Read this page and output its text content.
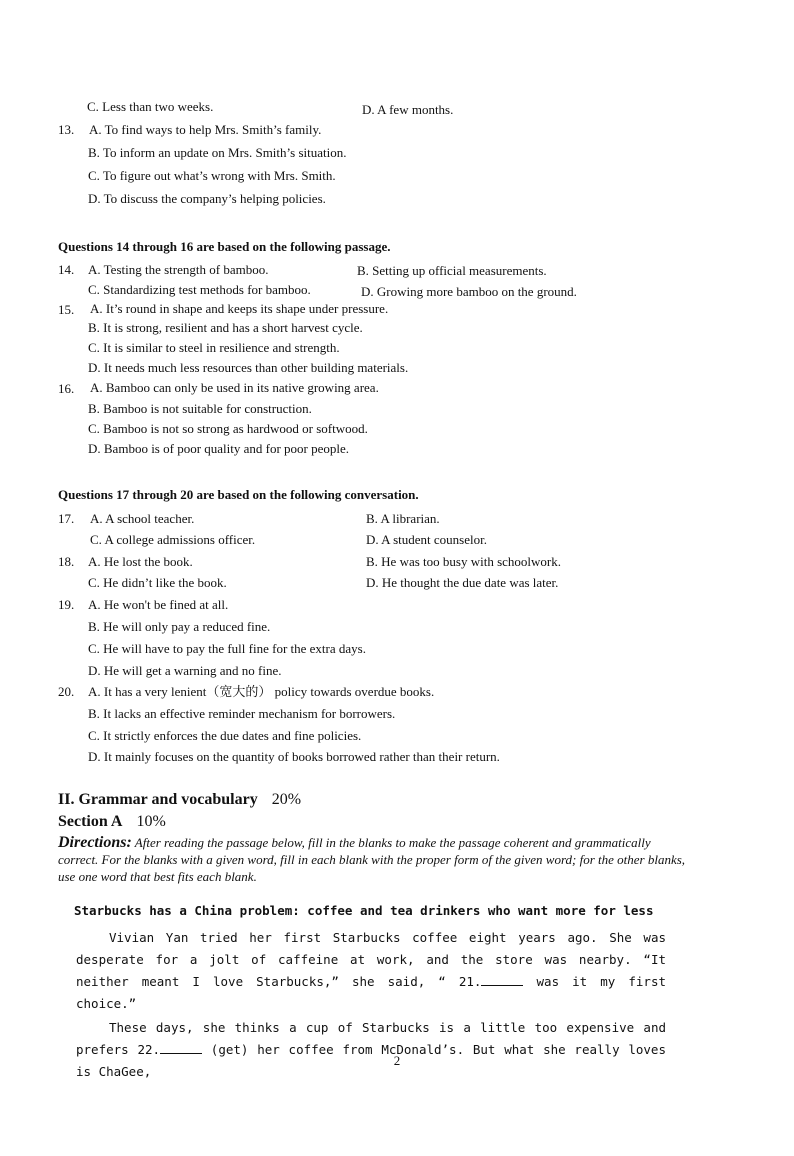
C. Less than two weeks.	D. A few months.
13. A. To find ways to help Mrs. Smith’s family.
B. To inform an update on Mrs. Smith’s situation.
C. To figure out what’s wrong with Mrs. Smith.
D. To discuss the company’s helping policies.
Questions 14 through 16 are based on the following passage.
14. A. Testing the strength of bamboo.	B. Setting up official measurements.
C. Standardizing test methods for bamboo.	D. Growing more bamboo on the ground.
15. A. It’s round in shape and keeps its shape under pressure.
B. It is strong, resilient and has a short harvest cycle.
C. It is similar to steel in resilience and strength.
D. It needs much less resources than other building materials.
16. A. Bamboo can only be used in its native growing area.
B. Bamboo is not suitable for construction.
C. Bamboo is not so strong as hardwood or softwood.
D. Bamboo is of poor quality and for poor people.
Questions 17 through 20 are based on the following conversation.
17. A. A school teacher.	B. A librarian.
C. A college admissions officer.	D. A student counselor.
18. A. He lost the book.	B. He was too busy with schoolwork.
C. He didn’t like the book.	D. He thought the due date was later.
19. A. He won't be fined at all.
B. He will only pay a reduced fine.
C. He will have to pay the full fine for the extra days.
D. He will get a warning and no fine.
20. A. It has a very lenient（宽大的） policy towards overdue books.
B. It lacks an effective reminder mechanism for borrowers.
C. It strictly enforces the due dates and fine policies.
D. It mainly focuses on the quantity of books borrowed rather than their return.
II. Grammar and vocabulary 20%
Section A 10%
Directions: After reading the passage below, fill in the blanks to make the passage coherent and grammatically correct. For the blanks with a given word, fill in each blank with the proper form of the given word; for the other blanks, use one word that best fits each blank.
Starbucks has a China problem: coffee and tea drinkers who want more for less

Vivian Yan tried her first Starbucks coffee eight years ago. She was desperate for a jolt of caffeine at work, and the store was nearby. “It neither meant I love Starbucks,” she said, “ 21.	was it my first choice.”

These days, she thinks a cup of Starbucks is a little too expensive and prefers 22.	(get) her coffee from McDonald’s. But what she really loves is ChaGee,

2
